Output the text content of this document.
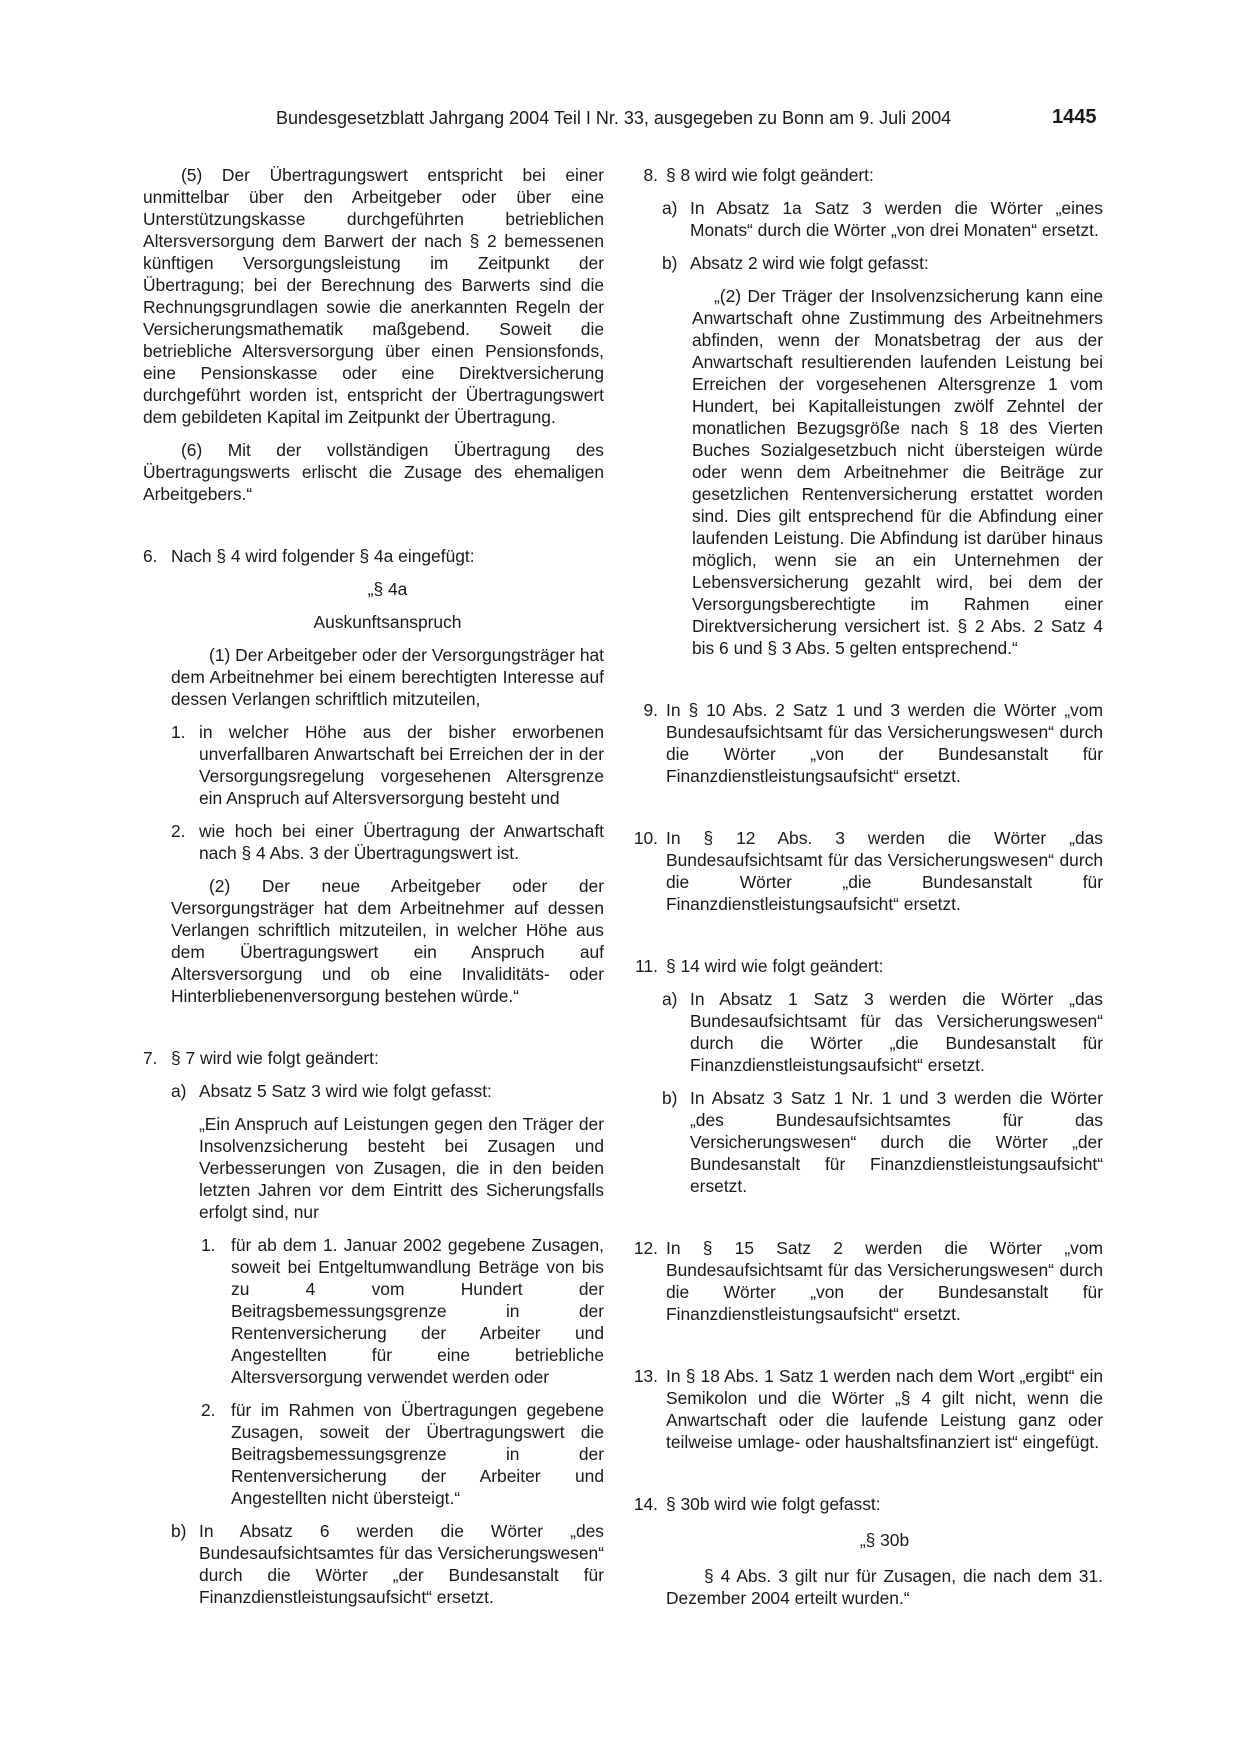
Bundesgesetzblatt Jahrgang 2004 Teil I Nr. 33, ausgegeben zu Bonn am 9. Juli 2004	1445

(5) Der Übertragungswert entspricht bei einer unmittelbar über den Arbeitgeber oder über eine Unterstützungskasse durchgeführten betrieblichen Altersversorgung dem Barwert der nach § 2 bemessenen künftigen Versorgungsleistung im Zeitpunkt der Übertragung; bei der Berechnung des Barwerts sind die Rechnungsgrundlagen sowie die anerkannten Regeln der Versicherungsmathematik maßgebend. Soweit die betriebliche Altersversorgung über einen Pensionsfonds, eine Pensionskasse oder eine Direktversicherung durchgeführt worden ist, entspricht der Übertragungswert dem gebildeten Kapital im Zeitpunkt der Übertragung.

(6) Mit der vollständigen Übertragung des Übertragungswerts erlischt die Zusage des ehemaligen Arbeitgebers.“

6. Nach § 4 wird folgender § 4a eingefügt:

„§ 4a

Auskunftsanspruch

(1) Der Arbeitgeber oder der Versorgungsträger hat dem Arbeitnehmer bei einem berechtigten Interesse auf dessen Verlangen schriftlich mitzuteilen,

1. in welcher Höhe aus der bisher erworbenen unverfallbaren Anwartschaft bei Erreichen der in der Versorgungsregelung vorgesehenen Altersgrenze ein Anspruch auf Altersversorgung besteht und

2. wie hoch bei einer Übertragung der Anwartschaft nach § 4 Abs. 3 der Übertragungswert ist.

(2) Der neue Arbeitgeber oder der Versorgungsträger hat dem Arbeitnehmer auf dessen Verlangen schriftlich mitzuteilen, in welcher Höhe aus dem Übertragungswert ein Anspruch auf Altersversorgung und ob eine Invaliditäts- oder Hinterbliebenenversorgung bestehen würde.“

7. § 7 wird wie folgt geändert:

a) Absatz 5 Satz 3 wird wie folgt gefasst:

„Ein Anspruch auf Leistungen gegen den Träger der Insolvenzsicherung besteht bei Zusagen und Verbesserungen von Zusagen, die in den beiden letzten Jahren vor dem Eintritt des Sicherungsfalls erfolgt sind, nur

1. für ab dem 1. Januar 2002 gegebene Zusagen, soweit bei Entgeltumwandlung Beträge von bis zu 4 vom Hundert der Beitragsbemessungsgrenze in der Rentenversicherung der Arbeiter und Angestellten für eine betriebliche Altersversorgung verwendet werden oder

2. für im Rahmen von Übertragungen gegebene Zusagen, soweit der Übertragungswert die Beitragsbemessungsgrenze in der Rentenversicherung der Arbeiter und Angestellten nicht übersteigt.“

b) In Absatz 6 werden die Wörter „des Bundesaufsichtsamtes für das Versicherungswesen“ durch die Wörter „der Bundesanstalt für Finanzdienstleistungsaufsicht“ ersetzt.

8. § 8 wird wie folgt geändert:

a) In Absatz 1a Satz 3 werden die Wörter „eines Monats“ durch die Wörter „von drei Monaten“ ersetzt.

b) Absatz 2 wird wie folgt gefasst:

„(2) Der Träger der Insolvenzsicherung kann eine Anwartschaft ohne Zustimmung des Arbeitnehmers abfinden, wenn der Monatsbetrag der aus der Anwartschaft resultierenden laufenden Leistung bei Erreichen der vorgesehenen Altersgrenze 1 vom Hundert, bei Kapitalleistungen zwölf Zehntel der monatlichen Bezugsgröße nach § 18 des Vierten Buches Sozialgesetzbuch nicht übersteigen würde oder wenn dem Arbeitnehmer die Beiträge zur gesetzlichen Rentenversicherung erstattet worden sind. Dies gilt entsprechend für die Abfindung einer laufenden Leistung. Die Abfindung ist darüber hinaus möglich, wenn sie an ein Unternehmen der Lebensversicherung gezahlt wird, bei dem der Versorgungsberechtigte im Rahmen einer Direktversicherung versichert ist. § 2 Abs. 2 Satz 4 bis 6 und § 3 Abs. 5 gelten entsprechend.“

9. In § 10 Abs. 2 Satz 1 und 3 werden die Wörter „vom Bundesaufsichtsamt für das Versicherungswesen“ durch die Wörter „von der Bundesanstalt für Finanzdienstleistungsaufsicht“ ersetzt.

10. In § 12 Abs. 3 werden die Wörter „das Bundesaufsichtsamt für das Versicherungswesen“ durch die Wörter „die Bundesanstalt für Finanzdienstleistungsaufsicht“ ersetzt.

11. § 14 wird wie folgt geändert:

a) In Absatz 1 Satz 3 werden die Wörter „das Bundesaufsichtsamt für das Versicherungswesen“ durch die Wörter „die Bundesanstalt für Finanzdienstleistungsaufsicht“ ersetzt.

b) In Absatz 3 Satz 1 Nr. 1 und 3 werden die Wörter „des Bundesaufsichtsamtes für das Versicherungswesen“ durch die Wörter „der Bundesanstalt für Finanzdienstleistungsaufsicht“ ersetzt.

12. In § 15 Satz 2 werden die Wörter „vom Bundesaufsichtsamt für das Versicherungswesen“ durch die Wörter „von der Bundesanstalt für Finanzdienstleistungsaufsicht“ ersetzt.

13. In § 18 Abs. 1 Satz 1 werden nach dem Wort „ergibt“ ein Semikolon und die Wörter „§ 4 gilt nicht, wenn die Anwartschaft oder die laufende Leistung ganz oder teilweise umlage- oder haushaltsfinanziert ist“ eingefügt.

14. § 30b wird wie folgt gefasst:

„§ 30b

§ 4 Abs. 3 gilt nur für Zusagen, die nach dem 31. Dezember 2004 erteilt wurden.“
